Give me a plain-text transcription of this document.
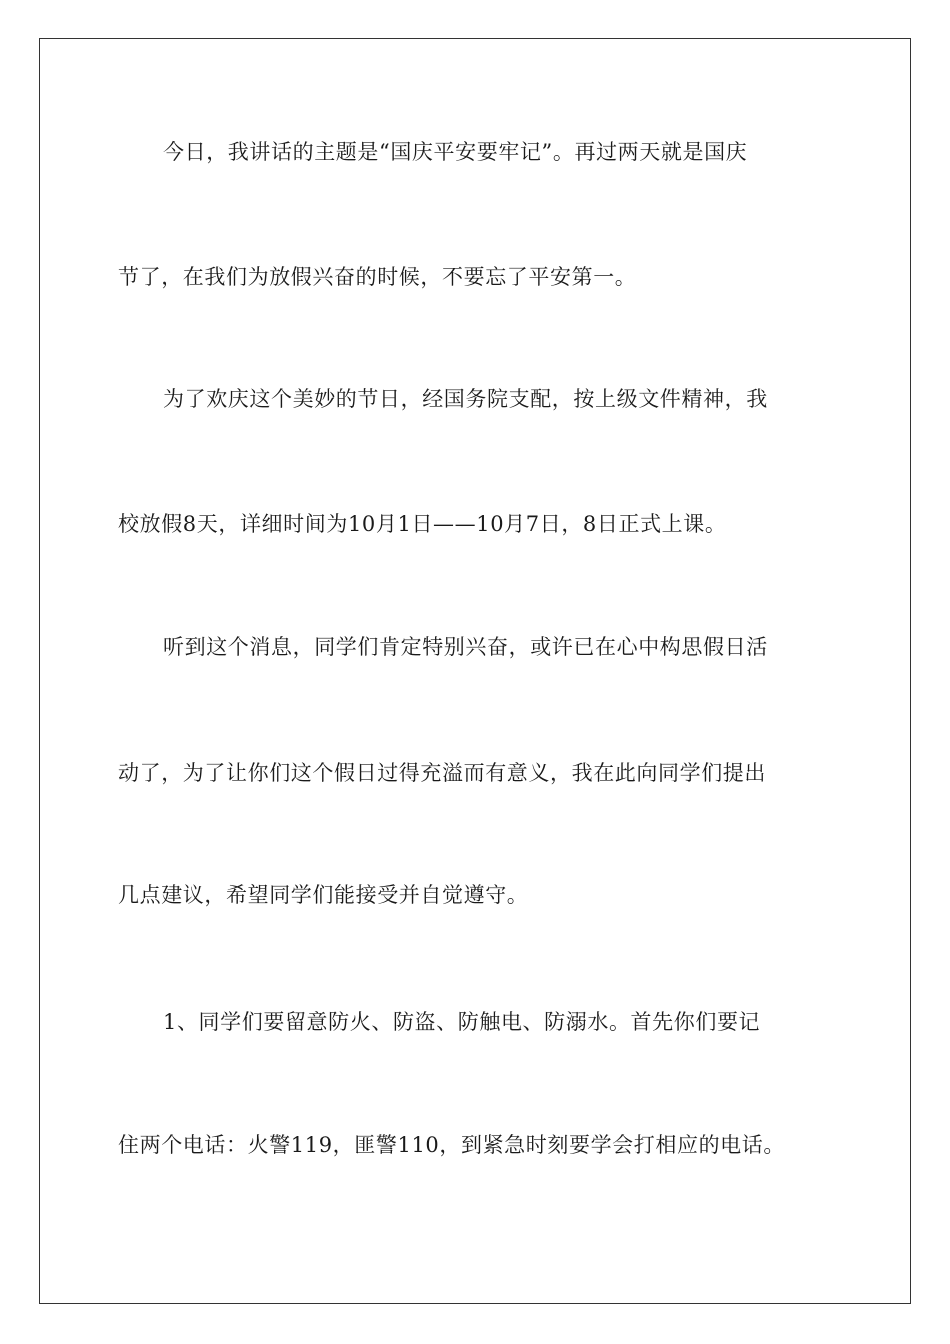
今日，我讲话的主题是“国庆平安要牢记”。再过两天就是国庆
节了，在我们为放假兴奋的时候，不要忘了平安第一。
为了欢庆这个美妙的节日，经国务院支配，按上级文件精神，我
校放假8天，详细时间为10月1日——10月7日，8日正式上课。
听到这个消息，同学们肯定特别兴奋，或许已在心中构思假日活
动了，为了让你们这个假日过得充溢而有意义，我在此向同学们提出
几点建议，希望同学们能接受并自觉遵守。
1、同学们要留意防火、防盗、防触电、防溺水。首先你们要记
住两个电话：火警119，匪警110，到紧急时刻要学会打相应的电话。
